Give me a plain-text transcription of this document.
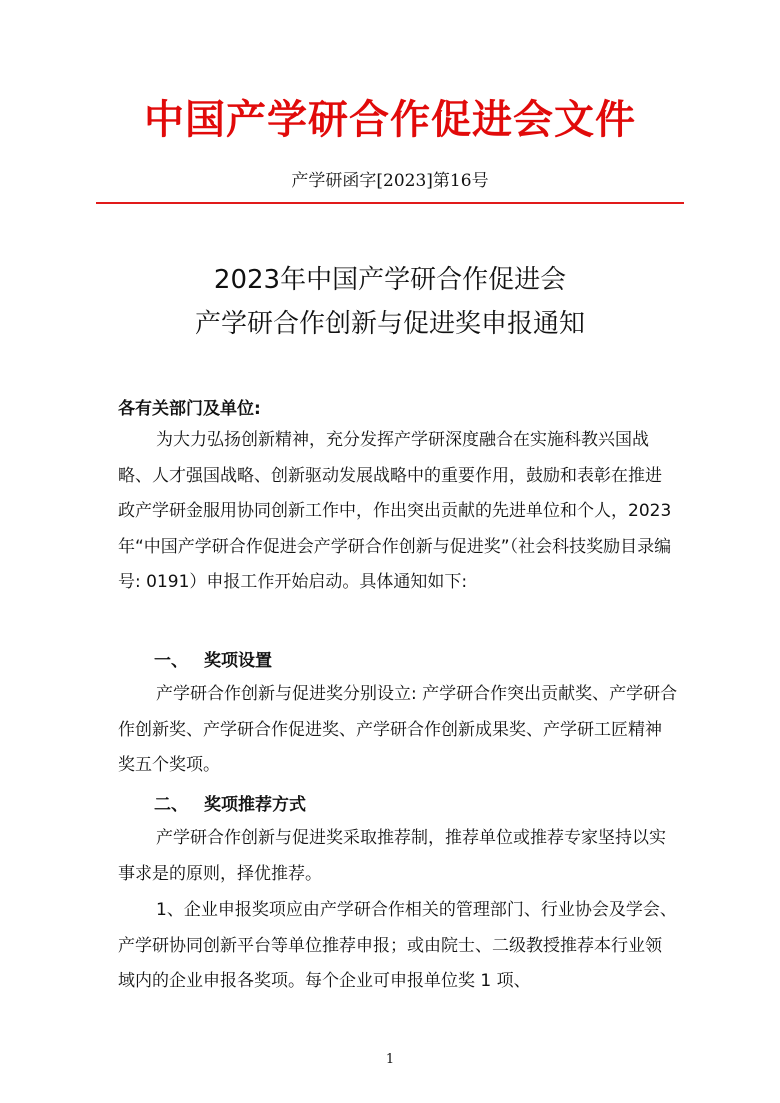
中国产学研合作促进会文件
产学研函字[2023]第16号
2023年中国产学研合作促进会
产学研合作创新与促进奖申报通知
各有关部门及单位:

为大力弘扬创新精神，充分发挥产学研深度融合在实施科教兴国战略、人才强国战略、创新驱动发展战略中的重要作用，鼓励和表彰在推进政产学研金服用协同创新工作中，作出突出贡献的先进单位和个人，2023 年“中国产学研合作促进会产学研合作创新与促进奖”（社会科技奖励目录编号: 0191）申报工作开始启动。具体通知如下:

一、 奖项设置

产学研合作创新与促进奖分别设立: 产学研合作突出贡献奖、产学研合作创新奖、产学研合作促进奖、产学研合作创新成果奖、产学研工匠精神奖五个奖项。

二、 奖项推荐方式

产学研合作创新与促进奖采取推荐制，推荐单位或推荐专家坚持以实事求是的原则，择优推荐。

1、企业申报奖项应由产学研合作相关的管理部门、行业协会及学会、产学研协同创新平台等单位推荐申报；或由院士、二级教授推荐本行业领域内的企业申报各奖项。每个企业可申报单位奖 1 项、

1
